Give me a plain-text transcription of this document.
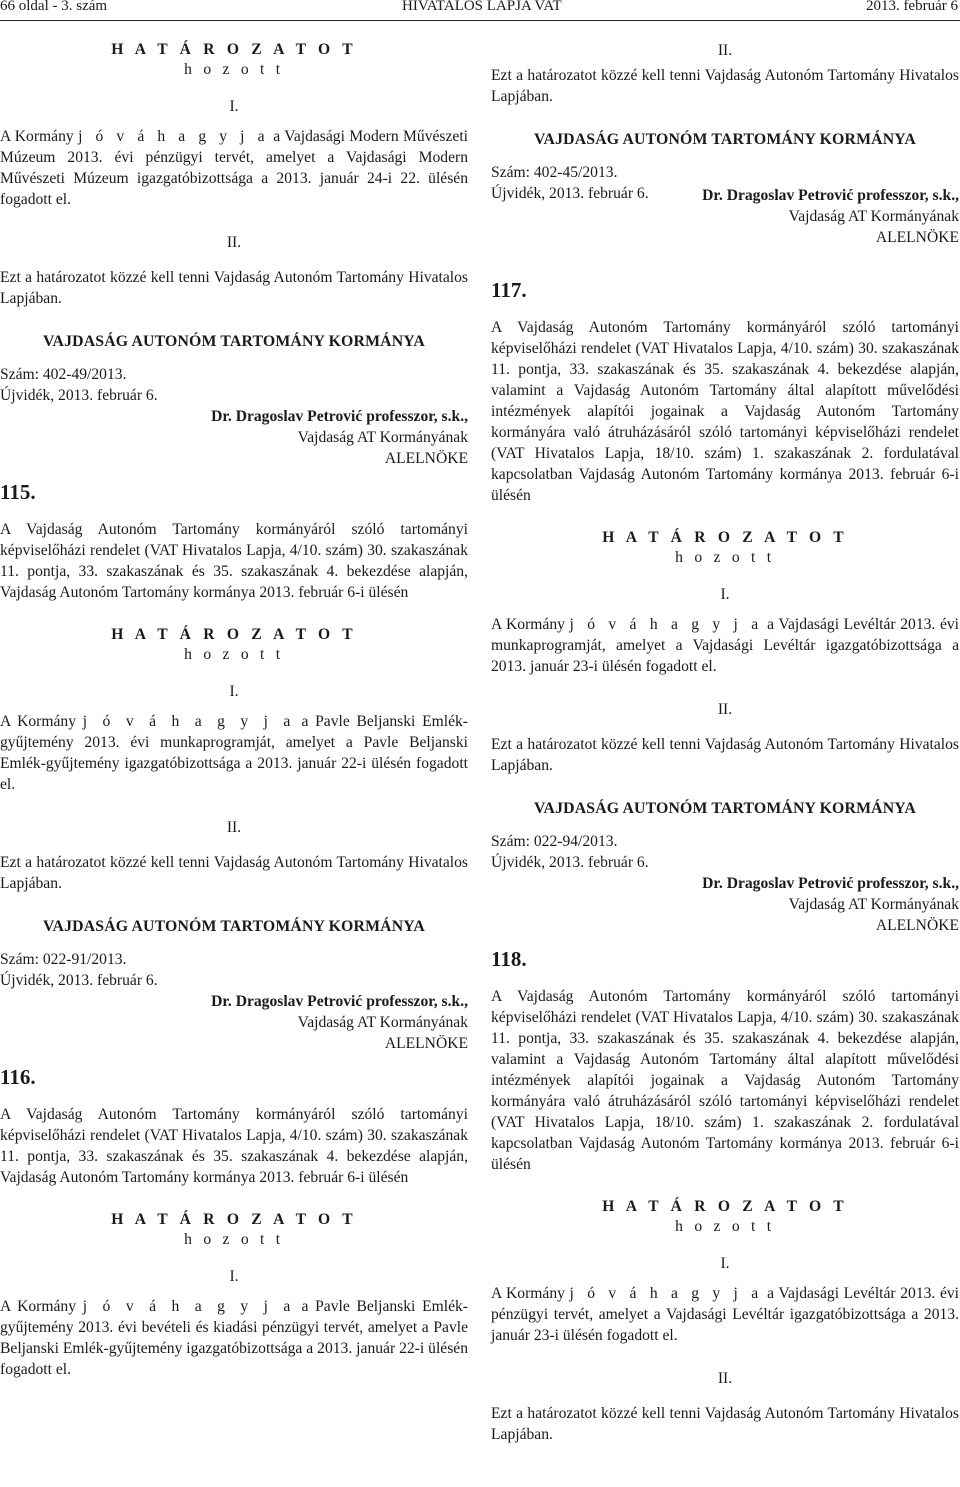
66 oldal - 3. szám	HIVATALOS LAPJA VAT	2013. február 6

H A T Á R O Z A T O T

h o z o t t

I.

A Kormány j ó v á h a g y j a a Vajdasági Modern Művészeti Múzeum 2013. évi pénzügyi tervét, amelyet a Vajdasági Modern Művészeti Múzeum igazgatóbizottsága a 2013. január 24-i 22. ülésén fogadott el.

II.

Ezt a határozatot közzé kell tenni Vajdaság Autonóm Tartomány Hivatalos Lapjában.

VAJDASÁG AUTONÓM TARTOMÁNY KORMÁNYA

Szám: 402-49/2013.

Újvidék, 2013. február 6.

Dr. Dragoslav Petrović professzor, s.k.,
Vajdaság AT Kormányának
ALELNÖKE

115.

A Vajdaság Autonóm Tartomány kormányáról szóló tartományi képviselőházi rendelet (VAT Hivatalos Lapja, 4/10. szám) 30. szakaszának 11. pontja, 33. szakaszának és 35. szakaszának 4. bekezdése alapján, Vajdaság Autonóm Tartomány kormánya 2013. február 6-i ülésén

H A T Á R O Z A T O T

h o z o t t

I.

A Kormány j ó v á h a g y j a a Pavle Beljanski Emlék-gyűjtemény 2013. évi munkaprogramját, amelyet a Pavle Beljanski Emlék-gyűjtemény igazgatóbizottsága a 2013. január 22-i ülésén fogadott el.

II.

Ezt a határozatot közzé kell tenni Vajdaság Autonóm Tartomány Hivatalos Lapjában.

VAJDASÁG AUTONÓM TARTOMÁNY KORMÁNYA

Szám: 022-91/2013.

Újvidék, 2013. február 6.

Dr. Dragoslav Petrović professzor, s.k.,
Vajdaság AT Kormányának
ALELNÖKE

116.

A Vajdaság Autonóm Tartomány kormányáról szóló tartományi képviselőházi rendelet (VAT Hivatalos Lapja, 4/10. szám) 30. szakaszának 11. pontja, 33. szakaszának és 35. szakaszának 4. bekezdése alapján, Vajdaság Autonóm Tartomány kormánya 2013. február 6-i ülésén

H A T Á R O Z A T O T

h o z o t t

I.

A Kormány j ó v á h a g y j a a Pavle Beljanski Emlék-gyűjtemény 2013. évi bevételi és kiadási pénzügyi tervét, amelyet a Pavle Beljanski Emlék-gyűjtemény igazgatóbizottsága a 2013. január 22-i ülésén fogadott el.

II.

Ezt a határozatot közzé kell tenni Vajdaság Autonóm Tartomány Hivatalos Lapjában.

VAJDASÁG AUTONÓM TARTOMÁNY KORMÁNYA

Szám: 402-45/2013.

Újvidék, 2013. február 6.	Dr. Dragoslav Petrović professzor, s.k.,
Vajdaság AT Kormányának
ALELNÖKE

117.

A Vajdaság Autonóm Tartomány kormányáról szóló tartományi képviselőházi rendelet (VAT Hivatalos Lapja, 4/10. szám) 30. szakaszának 11. pontja, 33. szakaszának és 35. szakaszának 4. bekezdése alapján, valamint a Vajdaság Autonóm Tartomány által alapított művelődési intézmények alapítói jogainak a Vajdaság Autonóm Tartomány kormányára való átruházásáról szóló tartományi képviselőházi rendelet (VAT Hivatalos Lapja, 18/10. szám) 1. szakaszának 2. fordulatával kapcsolatban Vajdaság Autonóm Tartomány kormánya 2013. február 6-i ülésén

H A T Á R O Z A T O T

h o z o t t

I.

A Kormány j ó v á h a g y j a a Vajdasági Levéltár 2013. évi munkaprogramját, amelyet a Vajdasági Levéltár igazgatóbizottsága a 2013. január 23-i ülésén fogadott el.

II.

Ezt a határozatot közzé kell tenni Vajdaság Autonóm Tartomány Hivatalos Lapjában.

VAJDASÁG AUTONÓM TARTOMÁNY KORMÁNYA

Szám: 022-94/2013.

Újvidék, 2013. február 6.

Dr. Dragoslav Petrović professzor, s.k.,
Vajdaság AT Kormányának
ALELNÖKE

118.

A Vajdaság Autonóm Tartomány kormányáról szóló tartományi képviselőházi rendelet (VAT Hivatalos Lapja, 4/10. szám) 30. szakaszának 11. pontja, 33. szakaszának és 35. szakaszának 4. bekezdése alapján, valamint a Vajdaság Autonóm Tartomány által alapított művelődési intézmények alapítói jogainak a Vajdaság Autonóm Tartomány kormányára való átruházásáról szóló tartományi képviselőházi rendelet (VAT Hivatalos Lapja, 18/10. szám) 1. szakaszának 2. fordulatával kapcsolatban Vajdaság Autonóm Tartomány kormánya 2013. február 6-i ülésén

H A T Á R O Z A T O T

h o z o t t

I.

A Kormány j ó v á h a g y j a a Vajdasági Levéltár 2013. évi pénzügyi tervét, amelyet a Vajdasági Levéltár igazgatóbizottsága a 2013. január 23-i ülésén fogadott el.

II.

Ezt a határozatot közzé kell tenni Vajdaság Autonóm Tartomány Hivatalos Lapjában.
